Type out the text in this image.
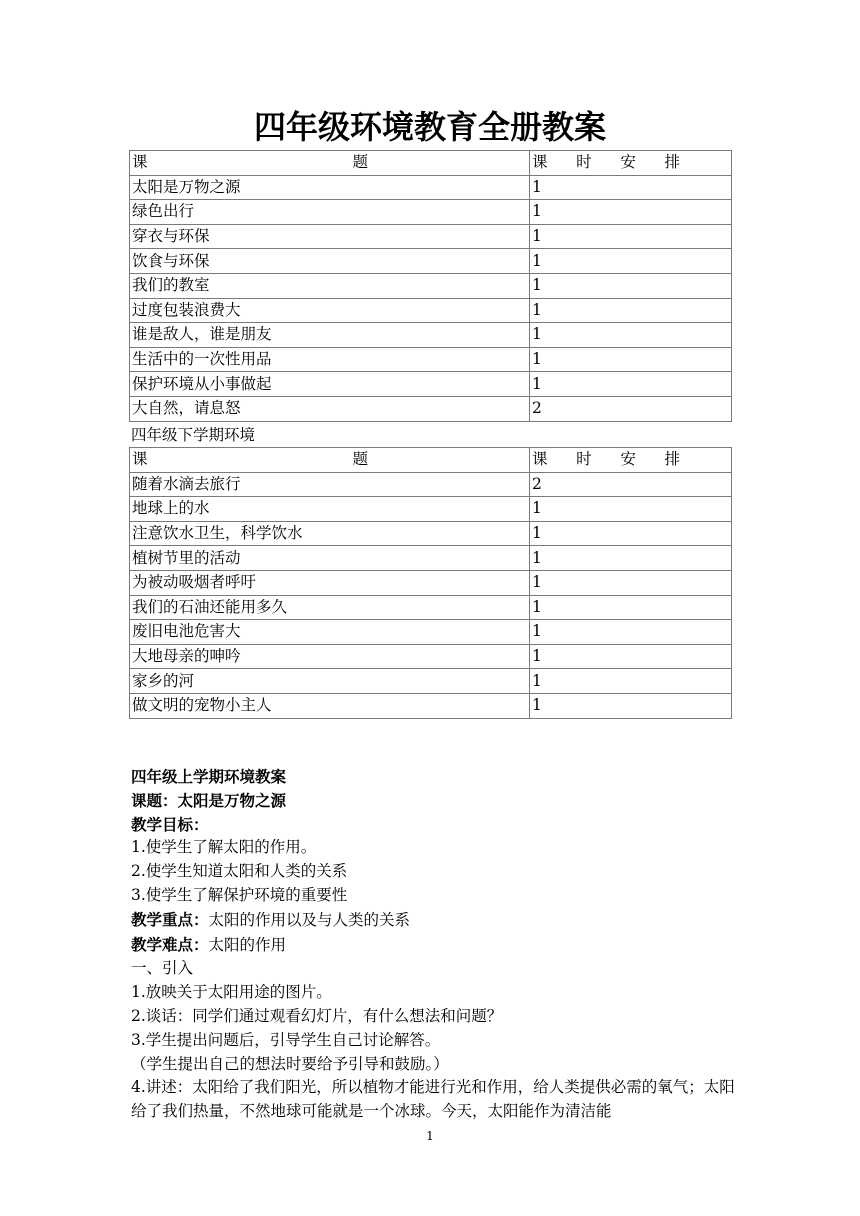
四年级环境教育全册教案
课 题	课 时 安 排

太阳是万物之源	1
绿色出行	1
穿衣与环保	1
饮食与环保	1
我们的教室	1
过度包装浪费大	1
谁是敌人，谁是朋友	1
生活中的一次性用品	1
保护环境从小事做起	1
大自然，请息怒	2
四年级下学期环境
课 题	课 时 安 排

随着水滴去旅行	2
地球上的水	1
注意饮水卫生，科学饮水	1
植树节里的活动	1
为被动吸烟者呼吁	1
我们的石油还能用多久	1
废旧电池危害大	1
大地母亲的呻吟	1
家乡的河	1
做文明的宠物小主人	1

四年级上学期环境教案

课题：太阳是万物之源

教学目标：

1.使学生了解太阳的作用。

2.使学生知道太阳和人类的关系

3.使学生了解保护环境的重要性

教学重点：太阳的作用以及与人类的关系

教学难点：太阳的作用

一、引入

1.放映关于太阳用途的图片。

2.谈话：同学们通过观看幻灯片，有什么想法和问题？

3.学生提出问题后，引导学生自己讨论解答。

（学生提出自己的想法时要给予引导和鼓励。）

4.讲述：太阳给了我们阳光，所以植物才能进行光和作用，给人类提供必需的氧气；太阳给了我们热量，不然地球可能就是一个冰球。今天，太阳能作为清洁能

1
